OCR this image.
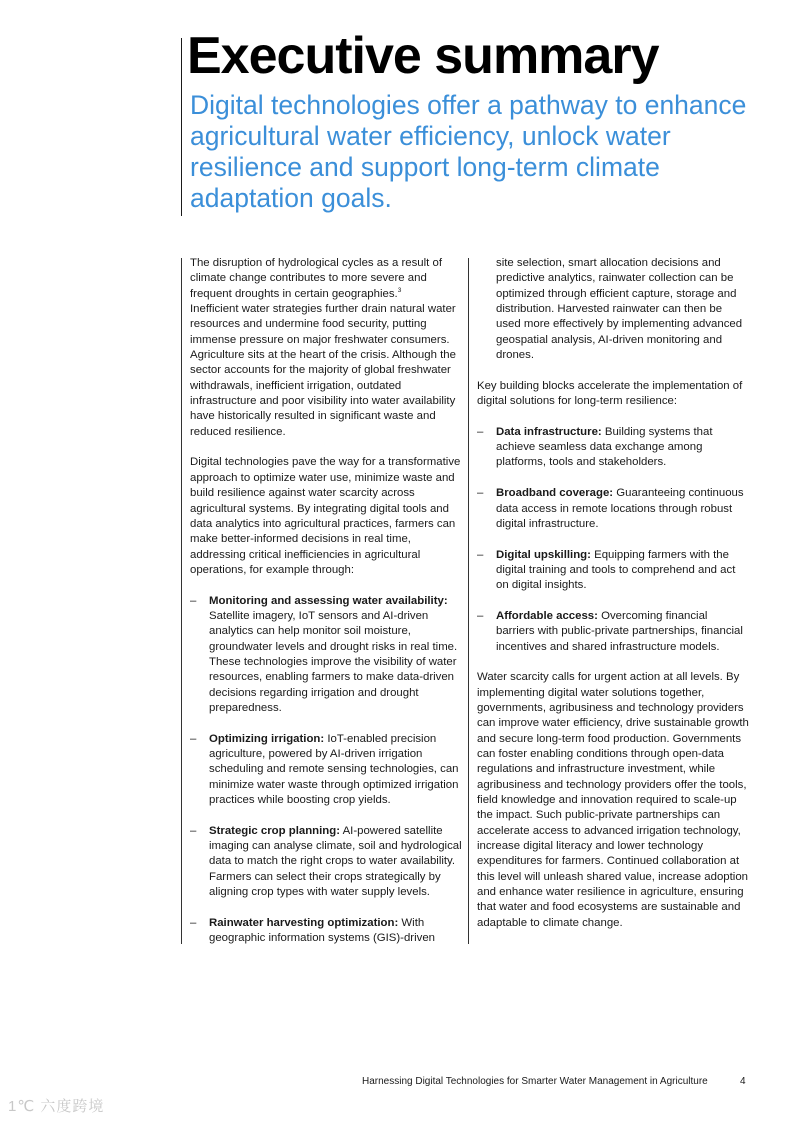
Executive summary
Digital technologies offer a pathway to enhance agricultural water efficiency, unlock water resilience and support long-term climate adaptation goals.

The disruption of hydrological cycles as a result of climate change contributes to more severe and frequent droughts in certain geographies.$^3$
Inefficient water strategies further drain natural water resources and undermine food security, putting immense pressure on major freshwater consumers. Agriculture sits at the heart of the crisis. Although the sector accounts for the majority of global freshwater withdrawals, inefficient irrigation, outdated infrastructure and poor visibility into water availability have historically resulted in significant waste and reduced resilience.

Digital technologies pave the way for a transformative approach to optimize water use, minimize waste and build resilience against water scarcity across agricultural systems. By integrating digital tools and data analytics into agricultural practices, farmers can make better-informed decisions in real time, addressing critical inefficiencies in agricultural operations, for example through:

– Monitoring and assessing water availability: Satellite imagery, IoT sensors and AI-driven analytics can help monitor soil moisture, groundwater levels and drought risks in real time. These technologies improve the visibility of water resources, enabling farmers to make data-driven decisions regarding irrigation and drought preparedness.
– Optimizing irrigation: IoT-enabled precision agriculture, powered by AI-driven irrigation scheduling and remote sensing technologies, can minimize water waste through optimized irrigation practices while boosting crop yields.
– Strategic crop planning: AI-powered satellite imaging can analyse climate, soil and hydrological data to match the right crops to water availability. Farmers can select their crops strategically by aligning crop types with water supply levels.
– Rainwater harvesting optimization: With geographic information systems (GIS)-driven

site selection, smart allocation decisions and predictive analytics, rainwater collection can be optimized through efficient capture, storage and distribution. Harvested rainwater can then be used more effectively by implementing advanced geospatial analysis, AI-driven monitoring and drones.

Key building blocks accelerate the implementation of digital solutions for long-term resilience:

– Data infrastructure: Building systems that achieve seamless data exchange among platforms, tools and stakeholders.
– Broadband coverage: Guaranteeing continuous data access in remote locations through robust digital infrastructure.
– Digital upskilling: Equipping farmers with the digital training and tools to comprehend and act on digital insights.
– Affordable access: Overcoming financial barriers with public-private partnerships, financial incentives and shared infrastructure models.

Water scarcity calls for urgent action at all levels. By implementing digital water solutions together, governments, agribusiness and technology providers can improve water efficiency, drive sustainable growth and secure long-term food production. Governments can foster enabling conditions through open-data regulations and infrastructure investment, while agribusiness and technology providers offer the tools, field knowledge and innovation required to scale-up the impact. Such public-private partnerships can accelerate access to advanced irrigation technology, increase digital literacy and lower technology expenditures for farmers. Continued collaboration at this level will unleash shared value, increase adoption and enhance water resilience in agriculture, ensuring that water and food ecosystems are sustainable and adaptable to climate change.

Harnessing Digital Technologies for Smarter Water Management in Agriculture	4
1℃ 六度跨境
